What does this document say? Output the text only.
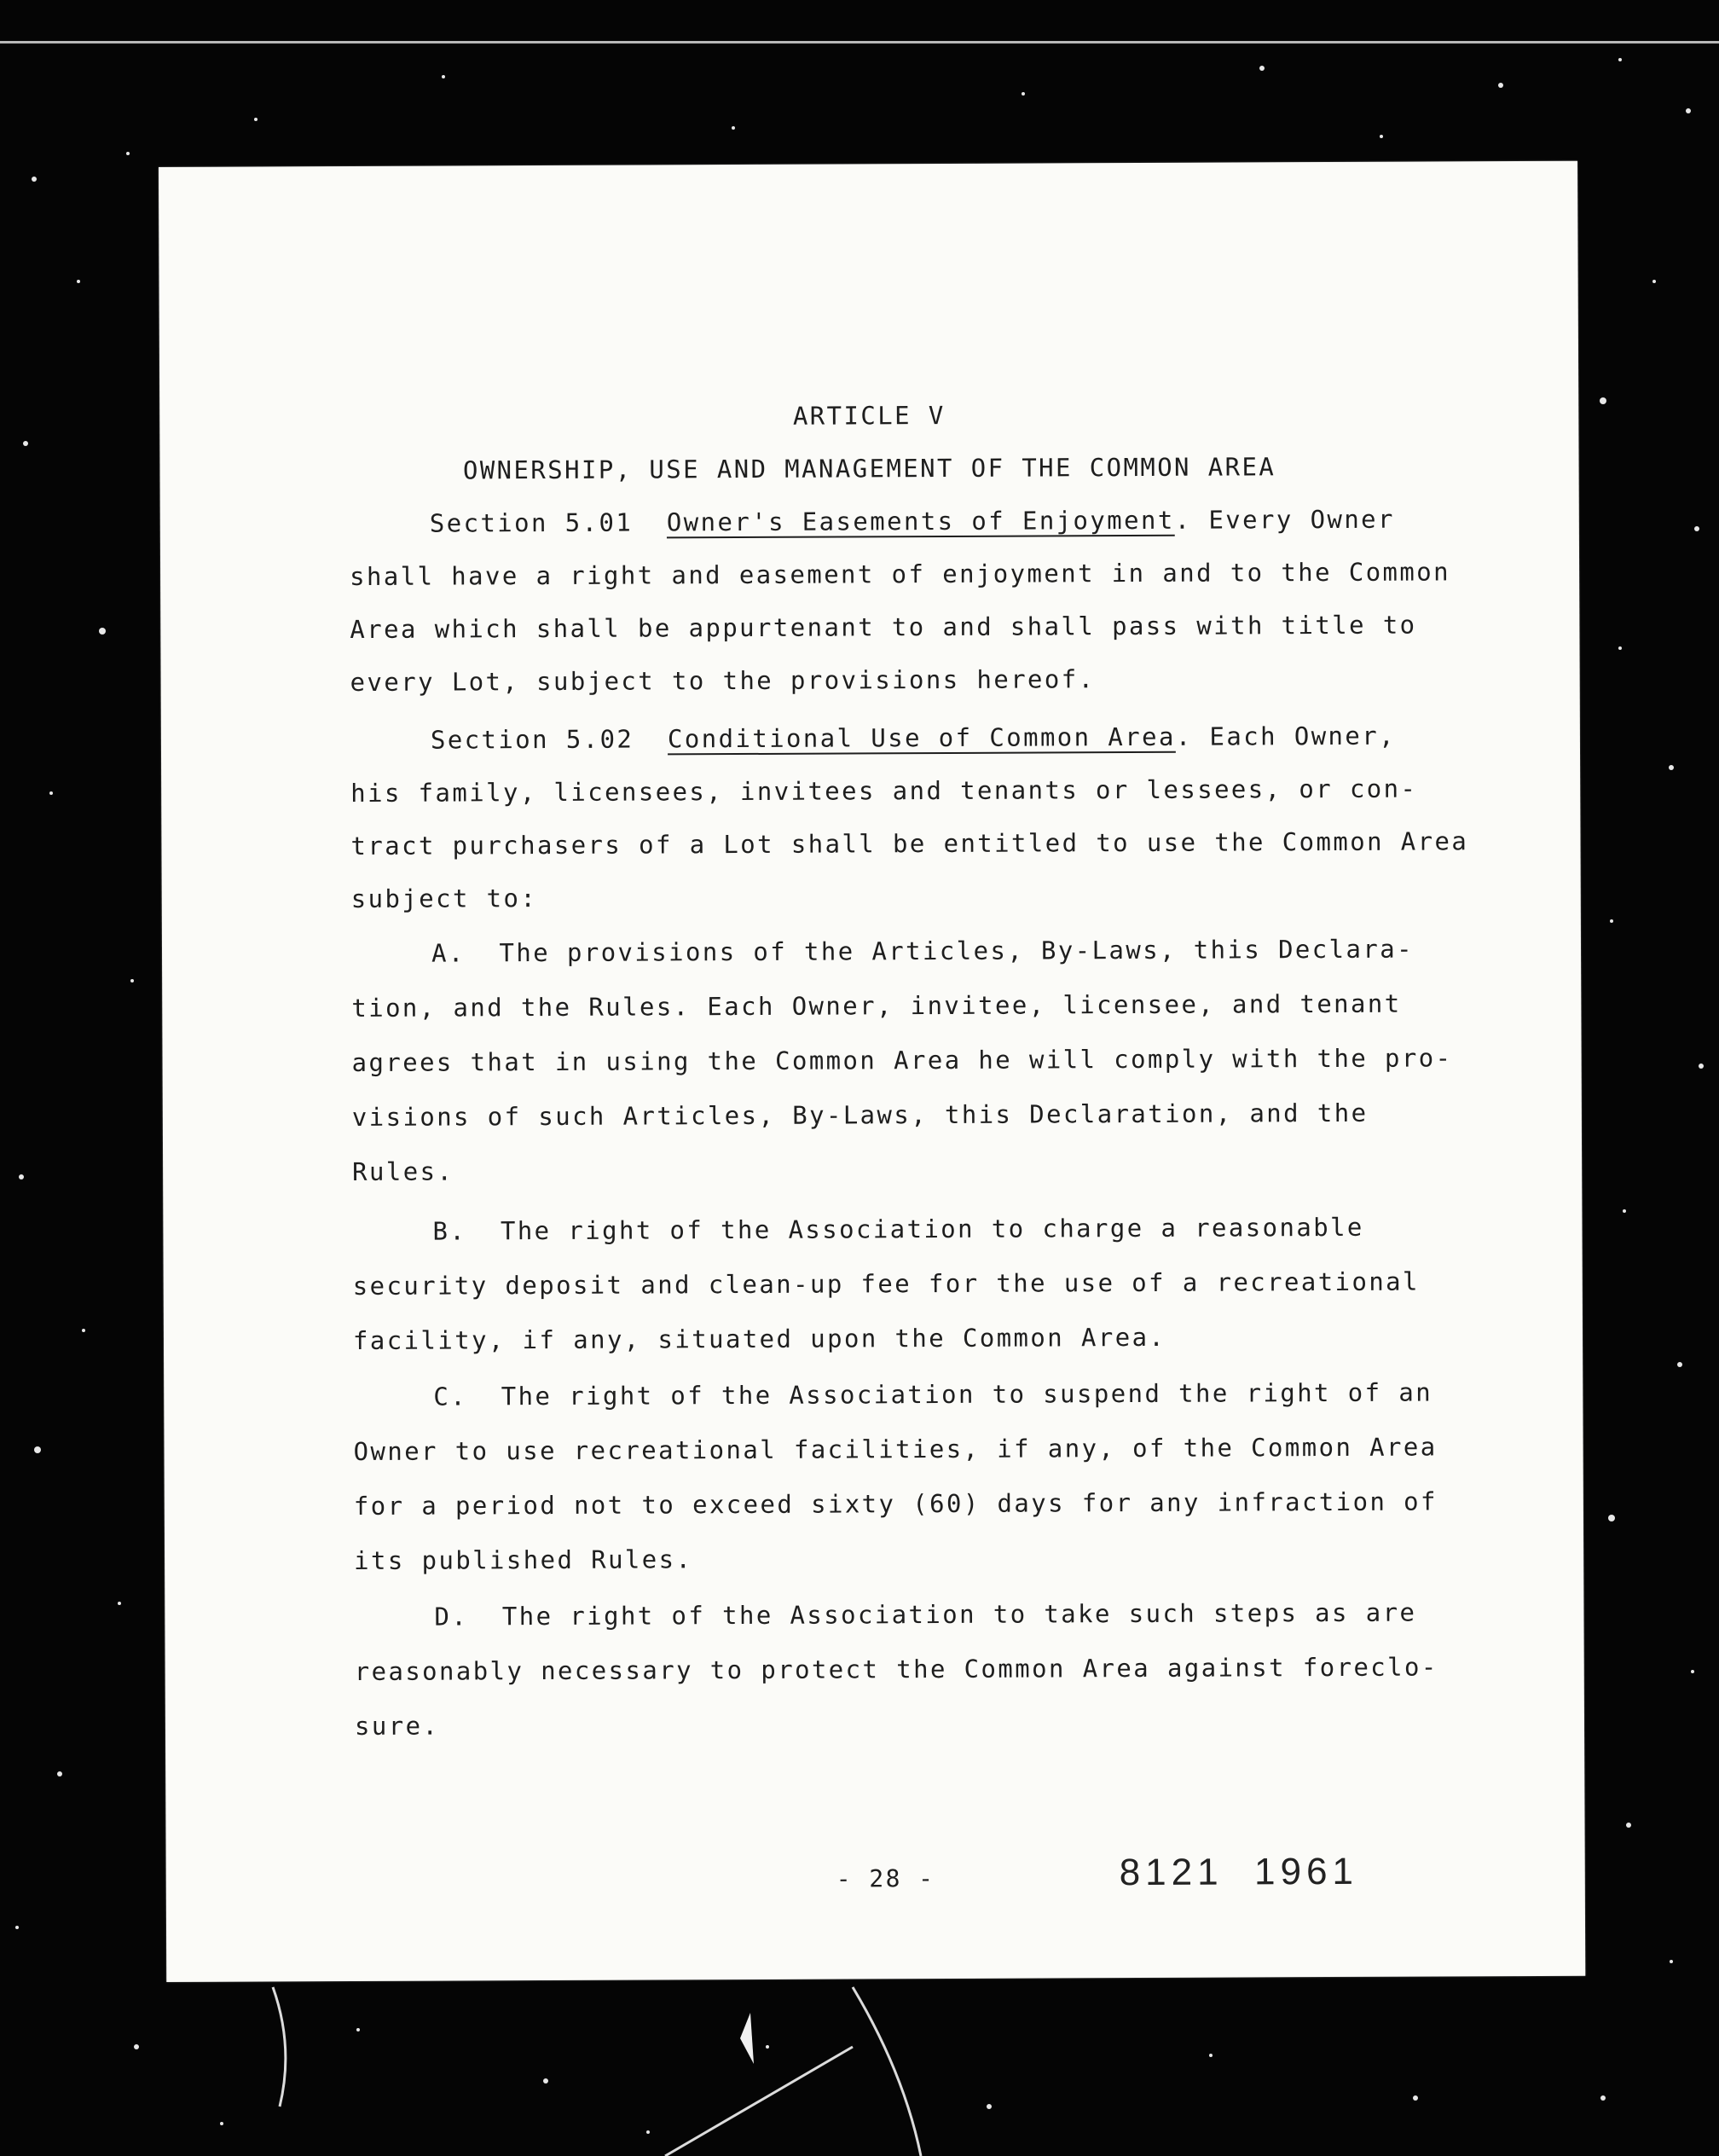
ARTICLE V
OWNERSHIP, USE AND MANAGEMENT OF THE COMMON AREA
Section 5.01 Owner's Easements of Enjoyment. Every Owner
shall have a right and easement of enjoyment in and to the Common
Area which shall be appurtenant to and shall pass with title to
every Lot, subject to the provisions hereof.
Section 5.02 Conditional Use of Common Area. Each Owner,
his family, licensees, invitees and tenants or lessees, or con-
tract purchasers of a Lot shall be entitled to use the Common Area
subject to:
A. The provisions of the Articles, By-Laws, this Declara-
tion, and the Rules. Each Owner, invitee, licensee, and tenant
agrees that in using the Common Area he will comply with the pro-
visions of such Articles, By-Laws, this Declaration, and the
Rules.
B. The right of the Association to charge a reasonable
security deposit and clean-up fee for the use of a recreational
facility, if any, situated upon the Common Area.
C. The right of the Association to suspend the right of an
Owner to use recreational facilities, if any, of the Common Area
for a period not to exceed sixty (60) days for any infraction of
its published Rules.
D. The right of the Association to take such steps as are
reasonably necessary to protect the Common Area against foreclo-
sure.
- 28 -	8121 1961
